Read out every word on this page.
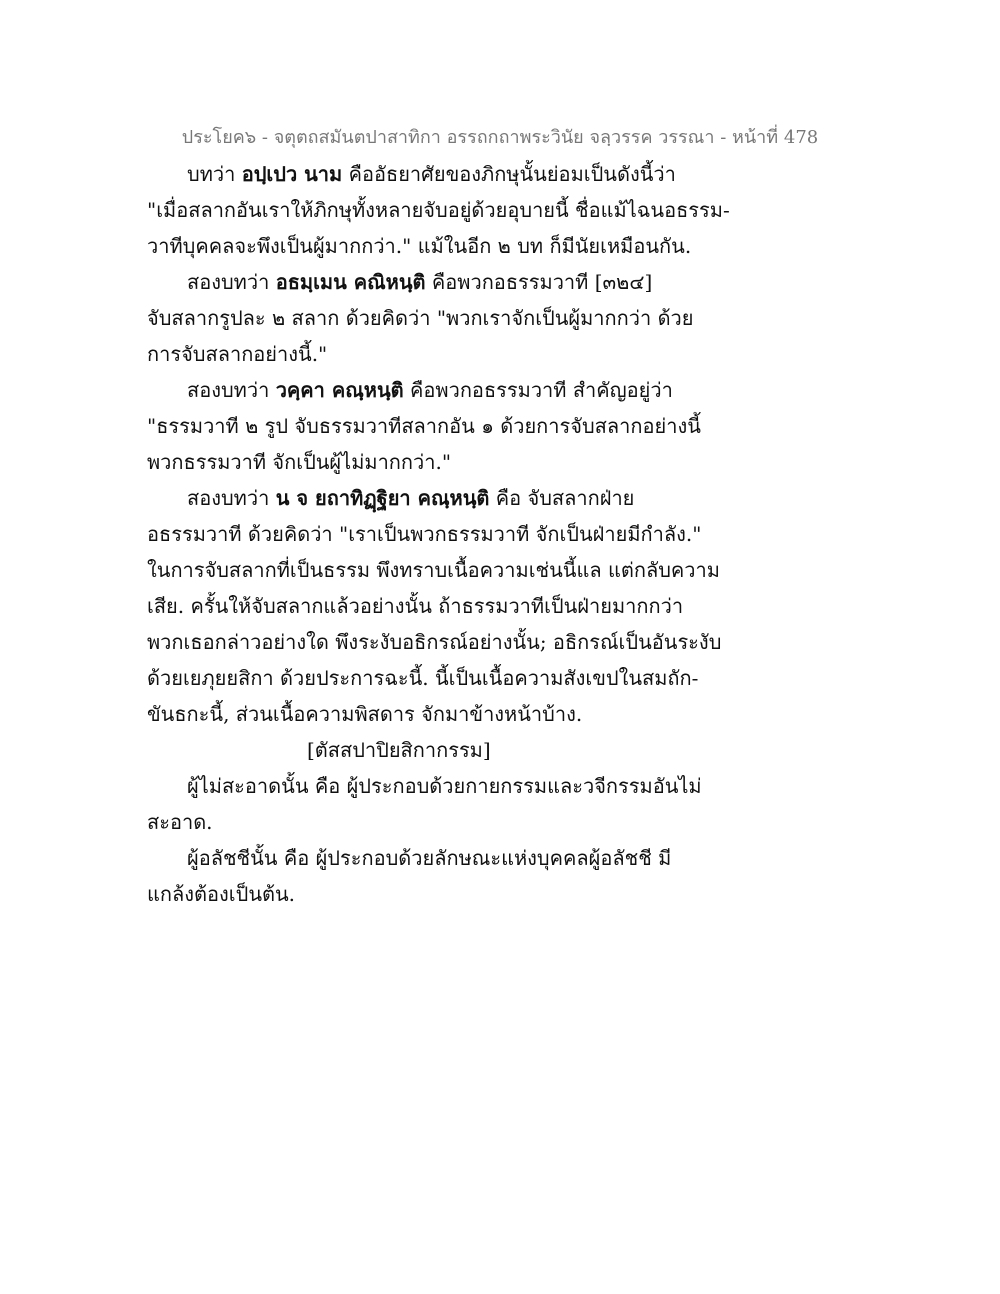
ประโยค๖ - จตุตถสมันตปาสาทิกา อรรถกถาพระวินัย จลฺวรรค วรรณา - หน้าที่ 478
บทว่า อปฺเปว นาม คืออัธยาศัยของภิกษุนั้นย่อมเป็นดังนี้ว่า
"เมื่อสลากอันเราให้ภิกษุทั้งหลายจับอยู่ด้วยอุบายนี้ ชื่อแม้ไฉนอธรรม-
วาทีบุคคลจะพึงเป็นผู้มากกว่า." แม้ในอีก ๒ บท ก็มีนัยเหมือนกัน.
สองบทว่า อธมฺเมน คณิหนฺติ คือพวกอธรรมวาที [๓๒๔]
จับสลากรูปละ ๒ สลาก ด้วยคิดว่า "พวกเราจักเป็นผู้มากกว่า ด้วย
การจับสลากอย่างนี้."
สองบทว่า วคฺคา คณฺหนฺติ คือพวกอธรรมวาที สำคัญอยู่ว่า
"ธรรมวาที ๒ รูป จับธรรมวาทีสลากอัน ๑ ด้วยการจับสลากอย่างนี้
พวกธรรมวาที จักเป็นผู้ไม่มากกว่า."
สองบทว่า น จ ยถาทิฏฺฐิยา คณฺหนฺติ คือ จับสลากฝ่าย
อธรรมวาที ด้วยคิดว่า "เราเป็นพวกธรรมวาที จักเป็นฝ่ายมีกำลัง."
ในการจับสลากที่เป็นธรรม พึงทราบเนื้อความเช่นนี้แล แต่กลับความ
เสีย. ครั้นให้จับสลากแล้วอย่างนั้น ถ้าธรรมวาทีเป็นฝ่ายมากกว่า
พวกเธอกล่าวอย่างใด พึงระงับอธิกรณ์อย่างนั้น; อธิกรณ์เป็นอันระงับ
ด้วยเยภุยยสิกา ด้วยประการฉะนี้. นี้เป็นเนื้อความสังเขปในสมถัก-
ขันธกะนี้, ส่วนเนื้อความพิสดาร จักมาข้างหน้าบ้าง.
[ตัสสปาปิยสิกากรรม]
ผู้ไม่สะอาดนั้น คือ ผู้ประกอบด้วยกายกรรมและวจีกรรมอันไม่
สะอาด.
ผู้อลัชชีนั้น คือ ผู้ประกอบด้วยลักษณะแห่งบุคคลผู้อลัชชี มี
แกล้งต้องเป็นต้น.
